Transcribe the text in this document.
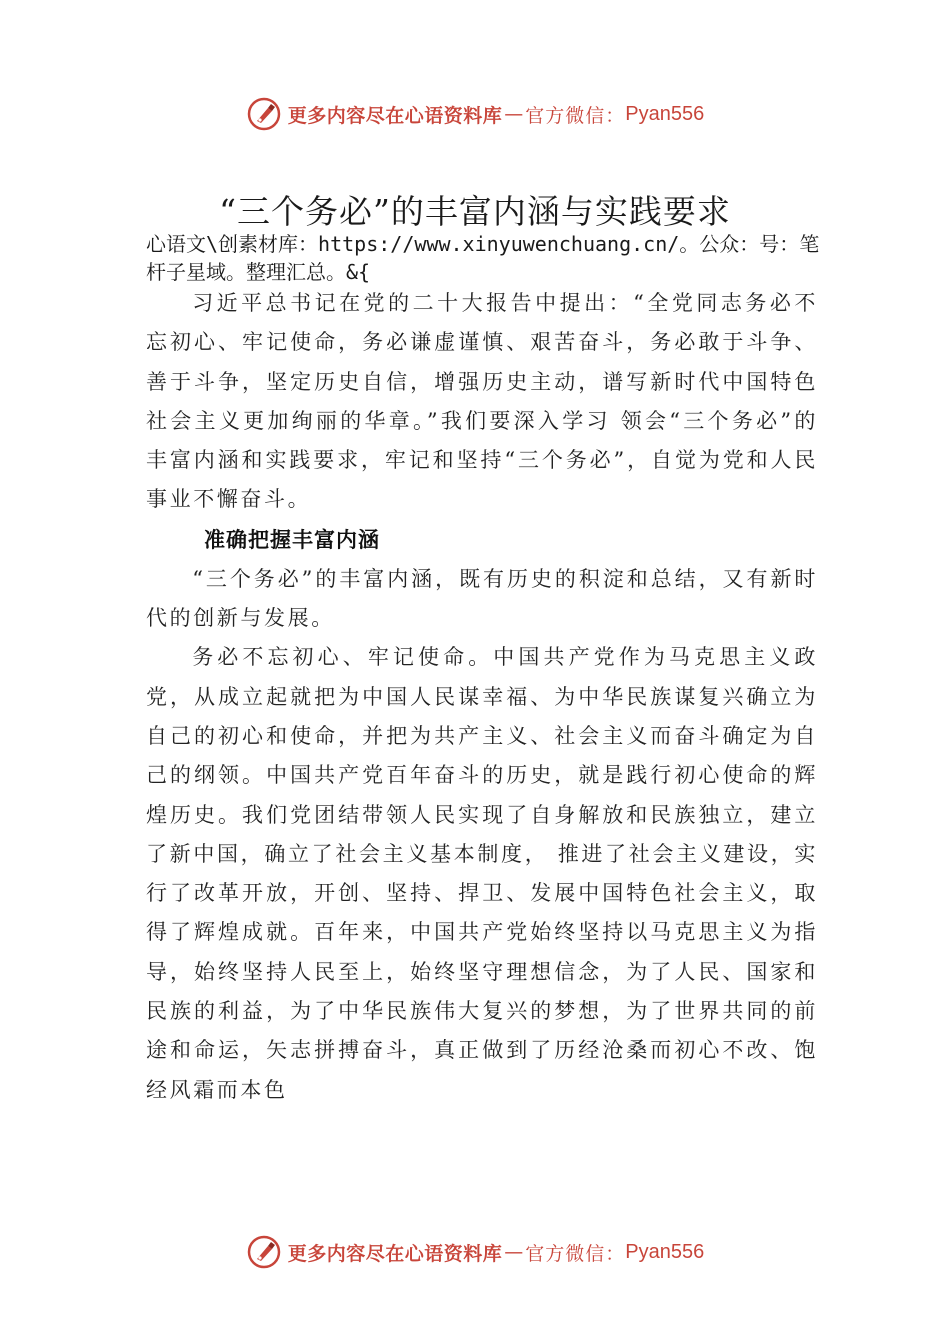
更多内容尽在心语资料库 — 官方微信： Pyan556
“三个务必”的丰富内涵与实践要求
心语文\创素材库：https://www.xinyuwenchuang.cn/。公众：号：笔杆子星域。整理汇总。&{

习近平总书记在党的二十大报告中提出：“全党同志务必不忘初心、牢记使命，务必谦虚谨慎、艰苦奋斗，务必敢于斗争、善于斗争，坚定历史自信，增强历史主动，谱写新时代中国特色社会主义更加绚丽的华章。”我们要深入学习 领会“三个务必”的丰富内涵和实践要求，牢记和坚持“三个务必”，自觉为党和人民事业不懈奋斗。

准确把握丰富内涵

“三个务必”的丰富内涵，既有历史的积淀和总结，又有新时代的创新与发展。

务必不忘初心、牢记使命。中国共产党作为马克思主义政党，从成立起就把为中国人民谋幸福、为中华民族谋复兴确立为自己的初心和使命，并把为共产主义、社会主义而奋斗确定为自己的纲领。中国共产党百年奋斗的历史，就是践行初心使命的辉煌历史。我们党团结带领人民实现了自身解放和民族独立，建立了新中国，确立了社会主义基本制度， 推进了社会主义建设，实行了改革开放，开创、坚持、捍卫、发展中国特色社会主义，取得了辉煌成就。百年来，中国共产党始终坚持以马克思主义为指导，始终坚持人民至上，始终坚守理想信念，为了人民、国家和民族的利益，为了中华民族伟大复兴的梦想，为了世界共同的前途和命运，矢志拼搏奋斗，真正做到了历经沧桑而初心不改、饱经风霜而本色

更多内容尽在心语资料库 — 官方微信： Pyan556
